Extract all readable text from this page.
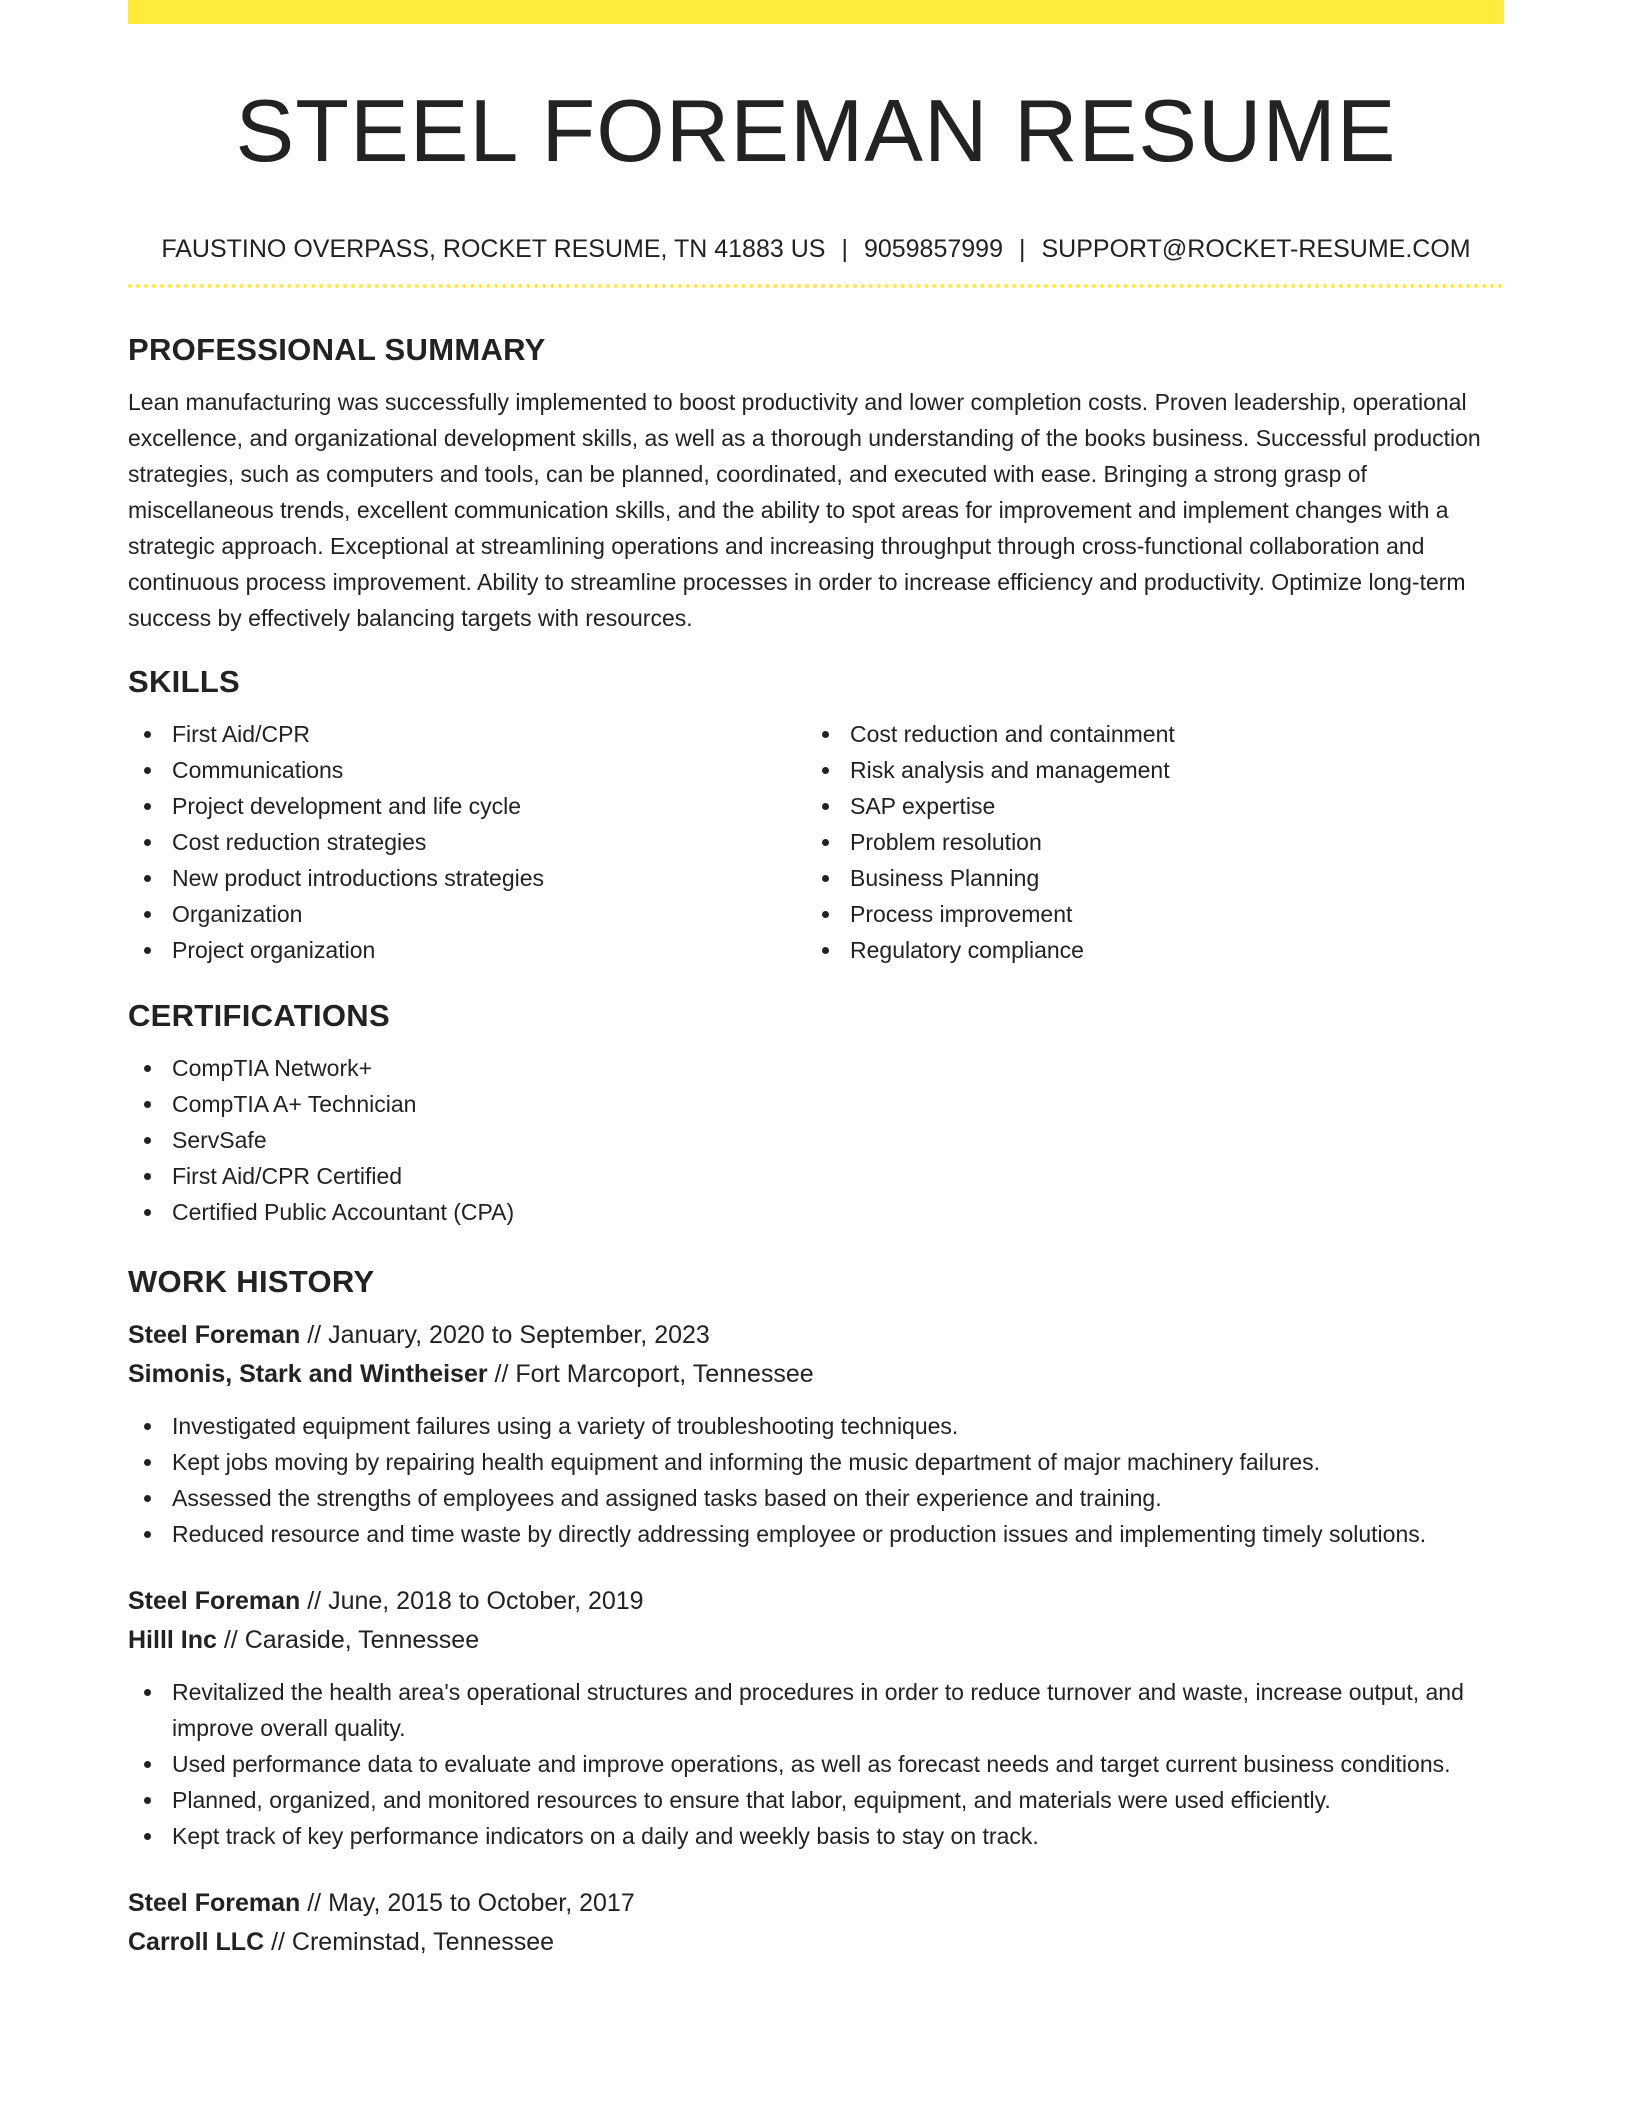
STEEL FOREMAN RESUME
FAUSTINO OVERPASS, ROCKET RESUME, TN 41883 US | 9059857999 | SUPPORT@ROCKET-RESUME.COM
PROFESSIONAL SUMMARY

Lean manufacturing was successfully implemented to boost productivity and lower completion costs. Proven leadership, operational excellence, and organizational development skills, as well as a thorough understanding of the books business. Successful production strategies, such as computers and tools, can be planned, coordinated, and executed with ease. Bringing a strong grasp of miscellaneous trends, excellent communication skills, and the ability to spot areas for improvement and implement changes with a strategic approach. Exceptional at streamlining operations and increasing throughput through cross-functional collaboration and continuous process improvement. Ability to streamline processes in order to increase efficiency and productivity. Optimize long-term success by effectively balancing targets with resources.

SKILLS
First Aid/CPR
Communications
Project development and life cycle
Cost reduction strategies
New product introductions strategies
Organization
Project organization
Cost reduction and containment
Risk analysis and management
SAP expertise
Problem resolution
Business Planning
Process improvement
Regulatory compliance
CERTIFICATIONS
CompTIA Network+
CompTIA A+ Technician
ServSafe
First Aid/CPR Certified
Certified Public Accountant (CPA)
WORK HISTORY
Steel Foreman // January, 2020 to September, 2023
Simonis, Stark and Wintheiser // Fort Marcoport, Tennessee
Investigated equipment failures using a variety of troubleshooting techniques.
Kept jobs moving by repairing health equipment and informing the music department of major machinery failures.
Assessed the strengths of employees and assigned tasks based on their experience and training.
Reduced resource and time waste by directly addressing employee or production issues and implementing timely solutions.
Steel Foreman // June, 2018 to October, 2019
Hilll Inc // Caraside, Tennessee
Revitalized the health area's operational structures and procedures in order to reduce turnover and waste, increase output, and improve overall quality.
Used performance data to evaluate and improve operations, as well as forecast needs and target current business conditions.
Planned, organized, and monitored resources to ensure that labor, equipment, and materials were used efficiently.
Kept track of key performance indicators on a daily and weekly basis to stay on track.
Steel Foreman // May, 2015 to October, 2017
Carroll LLC // Creminstad, Tennessee
